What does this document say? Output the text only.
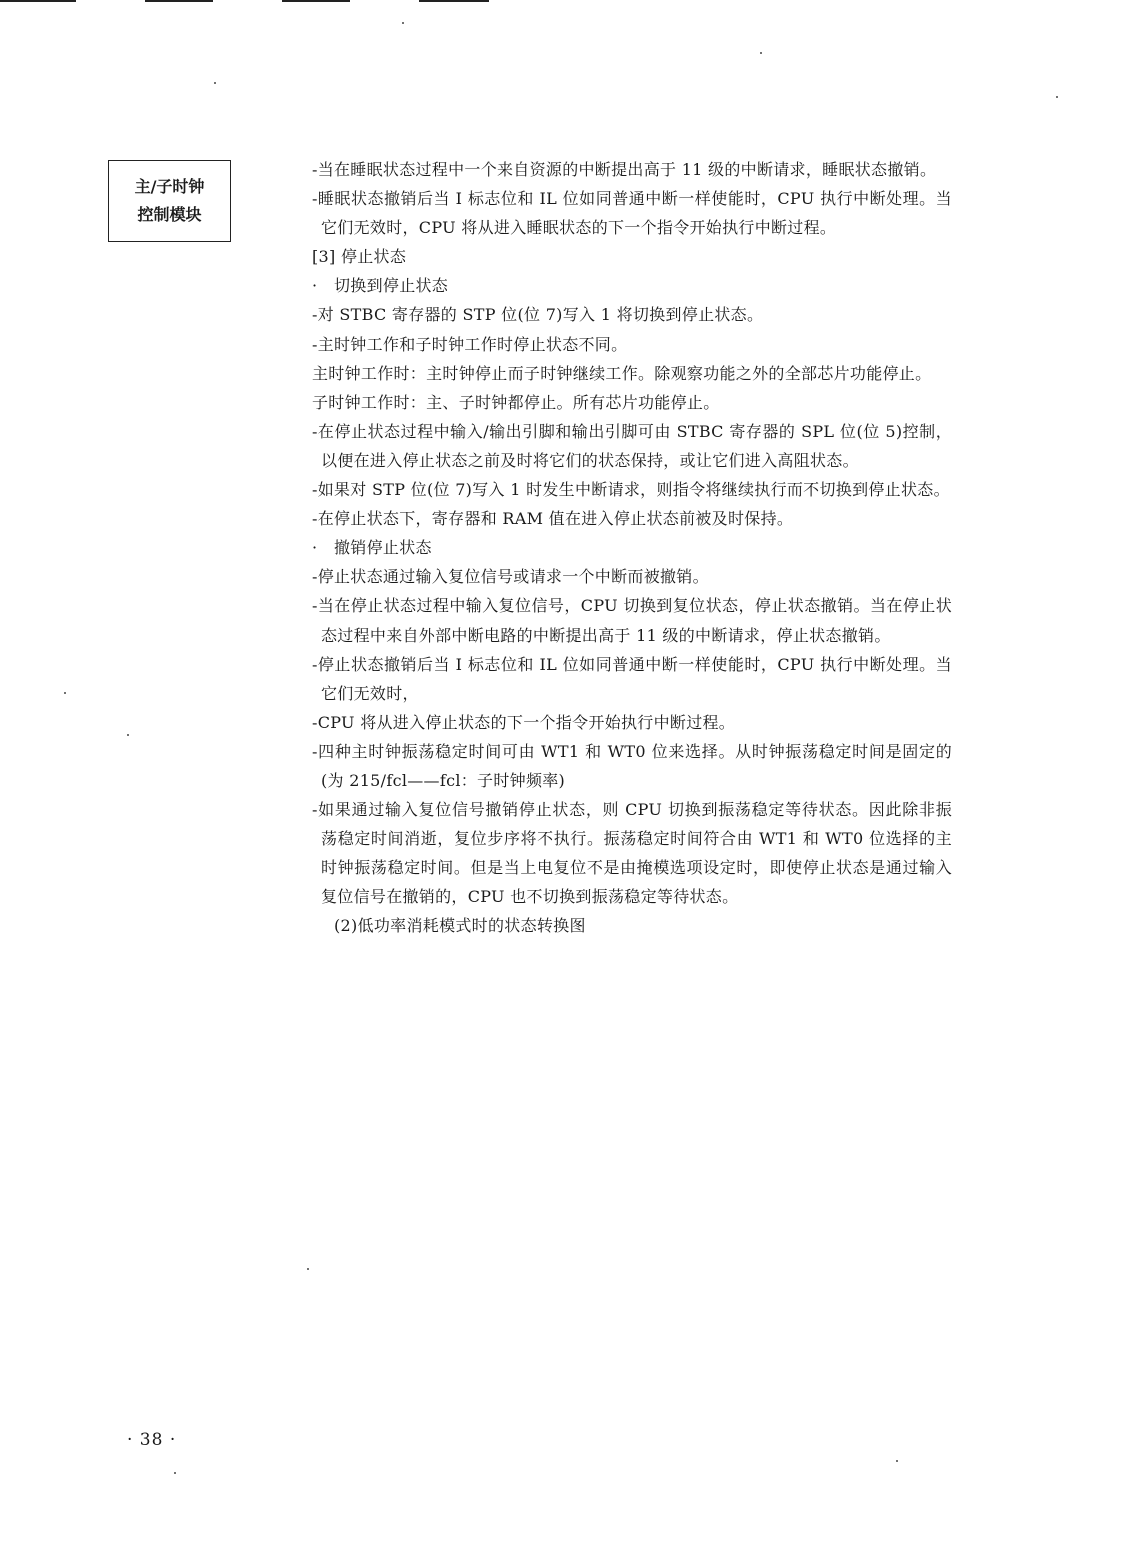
主/子时钟
控制模块
-当在睡眠状态过程中一个来自资源的中断提出高于 11 级的中断请求，睡眠状态撤销。
-睡眠状态撤销后当 I 标志位和 IL 位如同普通中断一样使能时，CPU 执行中断处理。当它们无效时，CPU 将从进入睡眠状态的下一个指令开始执行中断过程。
[3] 停止状态
· 切换到停止状态
-对 STBC 寄存器的 STP 位(位 7)写入 1 将切换到停止状态。
-主时钟工作和子时钟工作时停止状态不同。
主时钟工作时：主时钟停止而子时钟继续工作。除观察功能之外的全部芯片功能停止。
子时钟工作时：主、子时钟都停止。所有芯片功能停止。
-在停止状态过程中输入/输出引脚和输出引脚可由 STBC 寄存器的 SPL 位(位 5)控制，以便在进入停止状态之前及时将它们的状态保持，或让它们进入高阻状态。
-如果对 STP 位(位 7)写入 1 时发生中断请求，则指令将继续执行而不切换到停止状态。
-在停止状态下，寄存器和 RAM 值在进入停止状态前被及时保持。
· 撤销停止状态
-停止状态通过输入复位信号或请求一个中断而被撤销。
-当在停止状态过程中输入复位信号，CPU 切换到复位状态，停止状态撤销。当在停止状态过程中来自外部中断电路的中断提出高于 11 级的中断请求，停止状态撤销。
-停止状态撤销后当 I 标志位和 IL 位如同普通中断一样使能时，CPU 执行中断处理。当它们无效时，
-CPU 将从进入停止状态的下一个指令开始执行中断过程。
-四种主时钟振荡稳定时间可由 WT1 和 WT0 位来选择。从时钟振荡稳定时间是固定的(为 215/fcl——fcl：子时钟频率)
-如果通过输入复位信号撤销停止状态，则 CPU 切换到振荡稳定等待状态。因此除非振荡稳定时间消逝，复位步序将不执行。振荡稳定时间符合由 WT1 和 WT0 位选择的主时钟振荡稳定时间。但是当上电复位不是由掩模选项设定时，即使停止状态是通过输入复位信号在撤销的，CPU 也不切换到振荡稳定等待状态。
(2)低功率消耗模式时的状态转换图
· 38 ·
